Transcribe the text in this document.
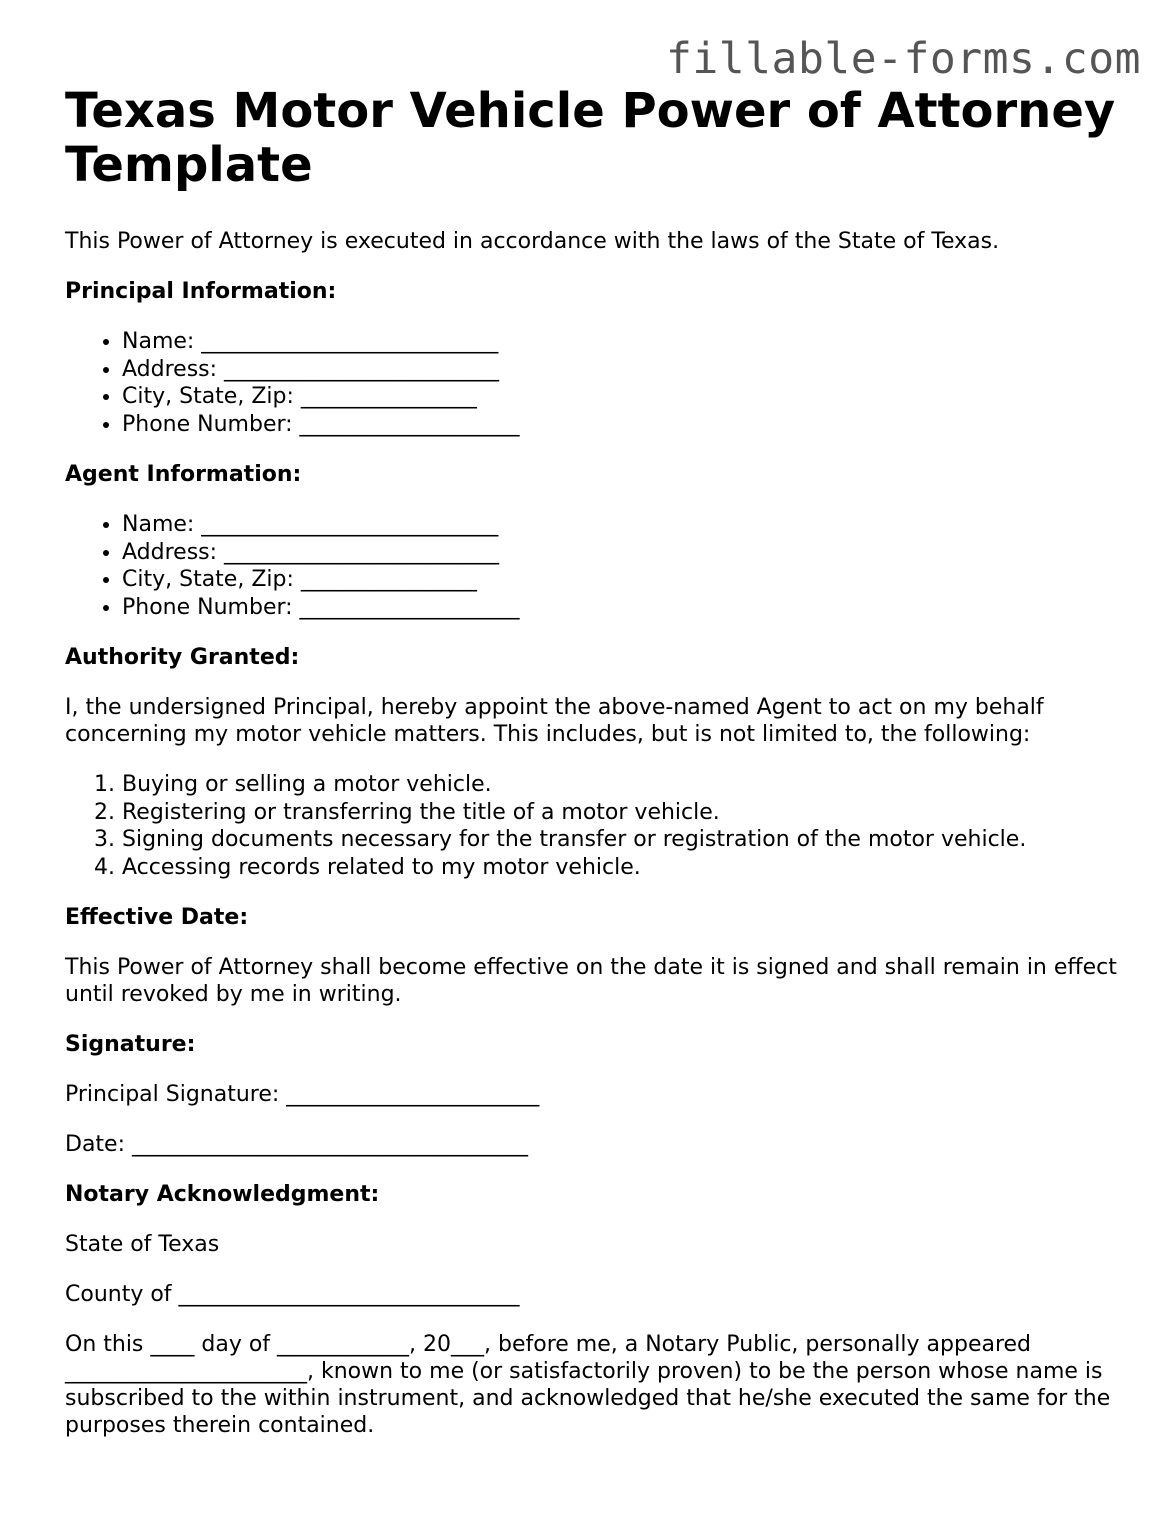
fillable-forms.com
Texas Motor Vehicle Power of Attorney Template

This Power of Attorney is executed in accordance with the laws of the State of Texas.

Principal Information:

• Name: ___________________________
• Address: _________________________
• City, State, Zip: ________________
• Phone Number: ____________________

Agent Information:

• Name: ___________________________
• Address: _________________________
• City, State, Zip: ________________
• Phone Number: ____________________

Authority Granted:

I, the undersigned Principal, hereby appoint the above-named Agent to act on my behalf concerning my motor vehicle matters. This includes, but is not limited to, the following:

1. Buying or selling a motor vehicle.
2. Registering or transferring the title of a motor vehicle.
3. Signing documents necessary for the transfer or registration of the motor vehicle.
4. Accessing records related to my motor vehicle.

Effective Date:

This Power of Attorney shall become effective on the date it is signed and shall remain in effect until revoked by me in writing.

Signature:

Principal Signature: _______________________

Date: ____________________________________

Notary Acknowledgment:

State of Texas

County of _______________________________

On this ____ day of ____________, 20___, before me, a Notary Public, personally appeared ______________________, known to me (or satisfactorily proven) to be the person whose name is subscribed to the within instrument, and acknowledged that he/she executed the same for the purposes therein contained.
